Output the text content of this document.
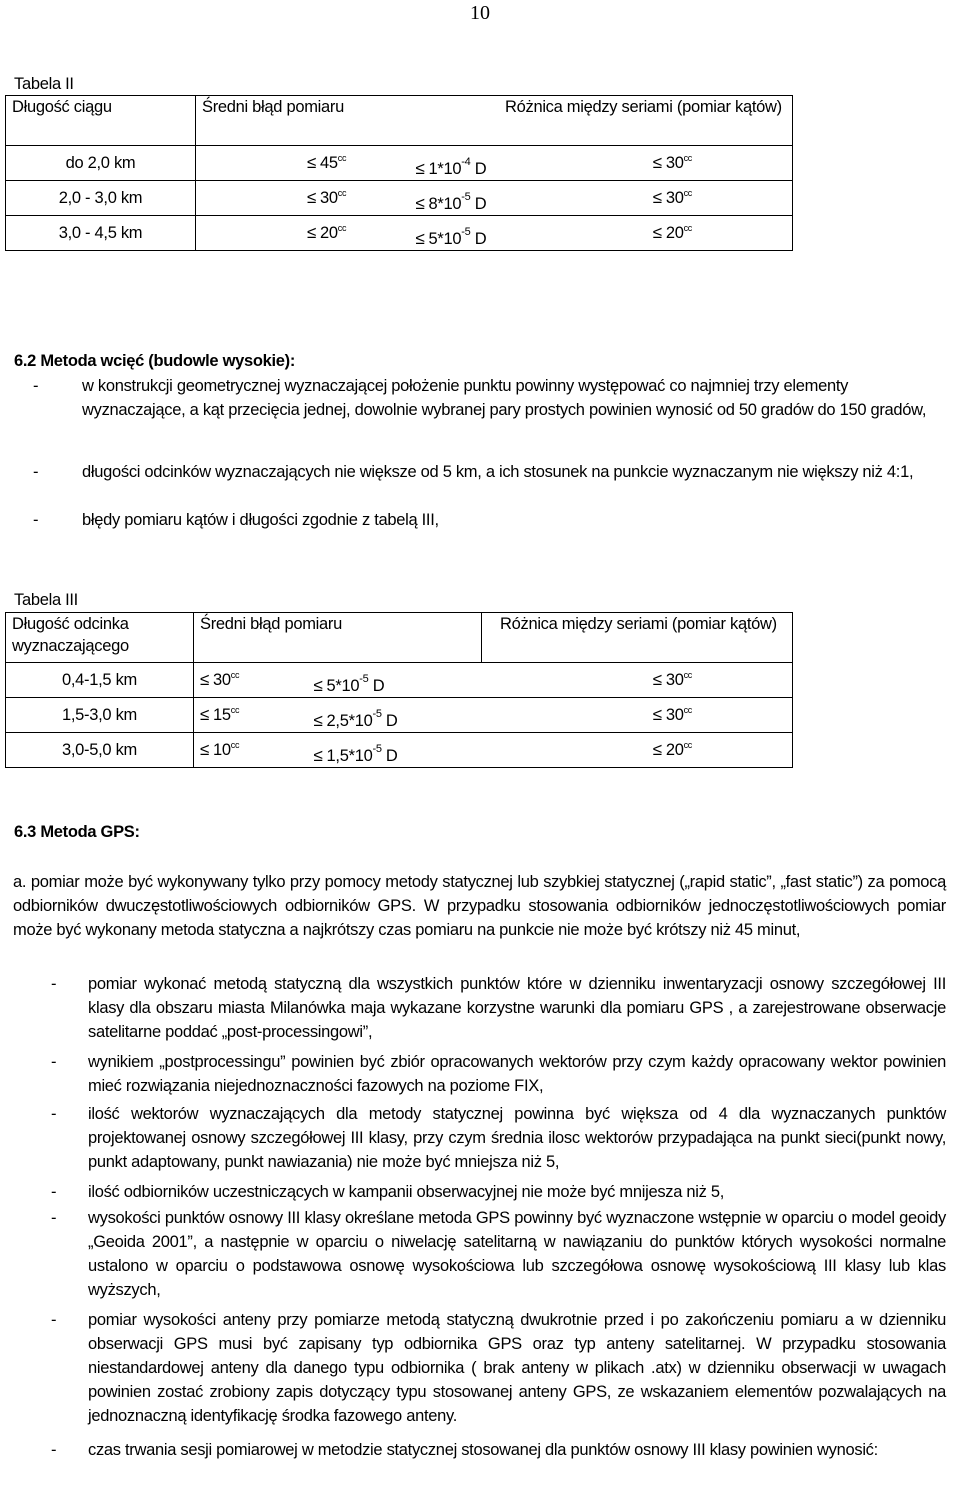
10
Tabela II
Długość ciągu	Średni błąd pomiaru	Różnica między seriami (pomiar kątów)
do 2,0 km	≤ $45^{cc} \le 1*10^{-4}$ D	≤ $30^{cc}$
2,0 - 3,0 km	≤ $30^{cc} \le 8*10^{-5}$ D	≤ $30^{cc}$
3,0 - 4,5 km	≤ $20^{cc} \le 5*10^{-5}$ D	≤ $20^{cc}$
6.2 Metoda wcięć (budowle wysokie):
-	w konstrukcji geometrycznej wyznaczającej położenie punktu powinny występować co najmniej trzy elementy wyznaczające, a kąt przecięcia jednej, dowolnie wybranej pary prostych powinien wynosić od 50 gradów do 150 gradów,
-	długości odcinków wyznaczających nie większe od 5 km, a ich stosunek na punkcie wyznaczanym nie większy niż 4:1,
-	błędy pomiaru kątów i długości zgodnie z tabelą III,
Tabela III
Długość odcinka wyznaczającego	Średni błąd pomiaru	Różnica między seriami (pomiar kątów)
0,4-1,5 km	≤ $30^{cc} \le 5*10^{-5}$ D	≤ $30^{cc}$
1,5-3,0 km	≤ $15^{cc} \le 2,5*10^{-5}$ D	≤ $30^{cc}$
3,0-5,0 km	≤ $10^{cc} \le 1,5*10^{-5}$ D	≤ $20^{cc}$
6.3 Metoda GPS:
a. pomiar może być wykonywany tylko przy pomocy metody statycznej lub szybkiej statycznej („rapid static”, „fast static”) za pomocą odbiorników dwuczęstotliwościowych odbiorników GPS. W przypadku stosowania odbiorników jednoczęstotliwościowych pomiar może być wykonany metoda statyczna a najkrótszy czas pomiaru na punkcie nie może być krótszy niż 45 minut,
- pomiar wykonać metodą statyczną dla wszystkich punktów które w dzienniku inwentaryzacji osnowy szczegółowej III klasy dla obszaru miasta Milanówka maja wykazane korzystne warunki dla pomiaru GPS , a zarejestrowane obserwacje satelitarne poddać „post-processingowi”,
- wynikiem „postprocessingu” powinien być zbiór opracowanych wektorów przy czym każdy opracowany wektor powinien mieć rozwiązania niejednoznaczności fazowych na poziome FIX,
- ilość wektorów wyznaczających dla metody statycznej powinna być większa od 4 dla wyznaczanych punktów projektowanej osnowy szczegółowej III klasy, przy czym średnia ilosc wektorów przypadająca na punkt sieci(punkt nowy, punkt adaptowany, punkt nawiazania) nie może być mniejsza niż 5,
- ilość odbiorników uczestniczących w kampanii obserwacyjnej nie może być mnijesza niż 5,
- wysokości punktów osnowy III klasy określane metoda GPS powinny być wyznaczone wstępnie w oparciu o model geoidy „Geoida 2001”, a następnie w oparciu o niwelację satelitarną w nawiązaniu do punktów których wysokości normalne ustalono w oparciu o podstawowa osnowę wysokościowa lub szczegółowa osnowę wysokościową III klasy lub klas wyższych,
- pomiar wysokości anteny przy pomiarze metodą statyczną dwukrotnie przed i po zakończeniu pomiaru a w dzienniku obserwacji GPS musi być zapisany typ odbiornika GPS oraz typ anteny satelitarnej. W przypadku stosowania niestandardowej anteny dla danego typu odbiornika ( brak anteny w plikach .atx) w dzienniku obserwacji w uwagach powinien zostać zrobiony zapis dotyczący typu stosowanej anteny GPS, ze wskazaniem elementów pozwalających na jednoznaczną identyfikację środka fazowego anteny.
- czas trwania sesji pomiarowej w metodzie statycznej stosowanej dla punktów osnowy III klasy powinien wynosić:
